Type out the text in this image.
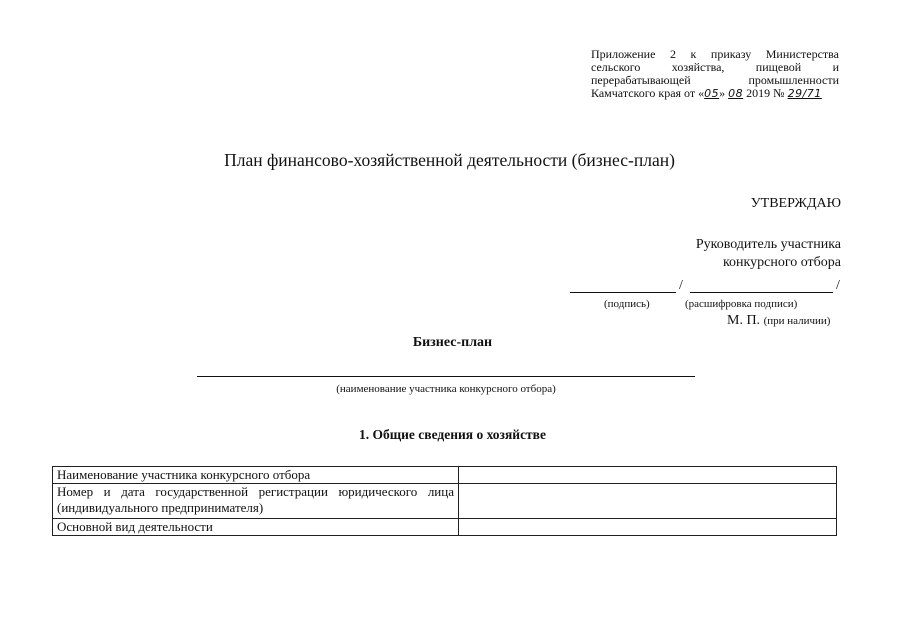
Приложение 2 к приказу Министерства
сельского хозяйства, пищевой и
перерабатывающей промышленности
Камчатского края от «05» 08 2019 № 29/71
План финансово-хозяйственной деятельности (бизнес-план)
УТВЕРЖДАЮ
Руководитель участника
конкурсного отбора
/	/
(подпись)	(расшифровка подписи)
М. П. (при наличии)
Бизнес-план
(наименование участника конкурсного отбора)
1. Общие сведения о хозяйстве
Наименование участника конкурсного отбора	
Номер и дата государственной регистрации юридического лица (индивидуального предпринимателя)	
Основной вид деятельности	
